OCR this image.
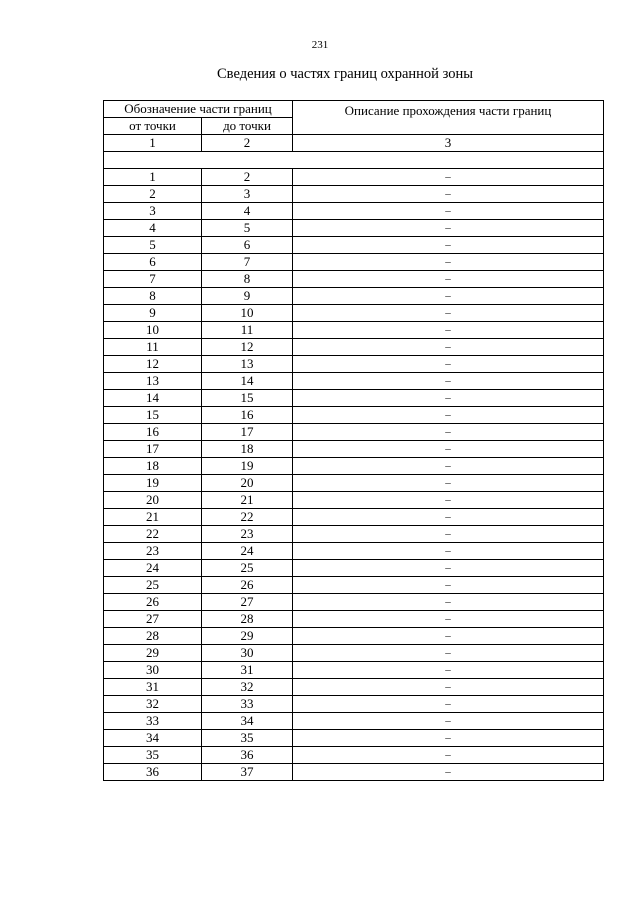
231
Сведения о частях границ охранной зоны
Обозначение части границ		Описание прохождения части границ
от точки	до точки	
1	2	3

1	2	–
2	3	–
3	4	–
4	5	–
5	6	–
6	7	–
7	8	–
8	9	–
9	10	–
10	11	–
11	12	–
12	13	–
13	14	–
14	15	–
15	16	–
16	17	–
17	18	–
18	19	–
19	20	–
20	21	–
21	22	–
22	23	–
23	24	–
24	25	–
25	26	–
26	27	–
27	28	–
28	29	–
29	30	–
30	31	–
31	32	–
32	33	–
33	34	–
34	35	–
35	36	–
36	37	–
